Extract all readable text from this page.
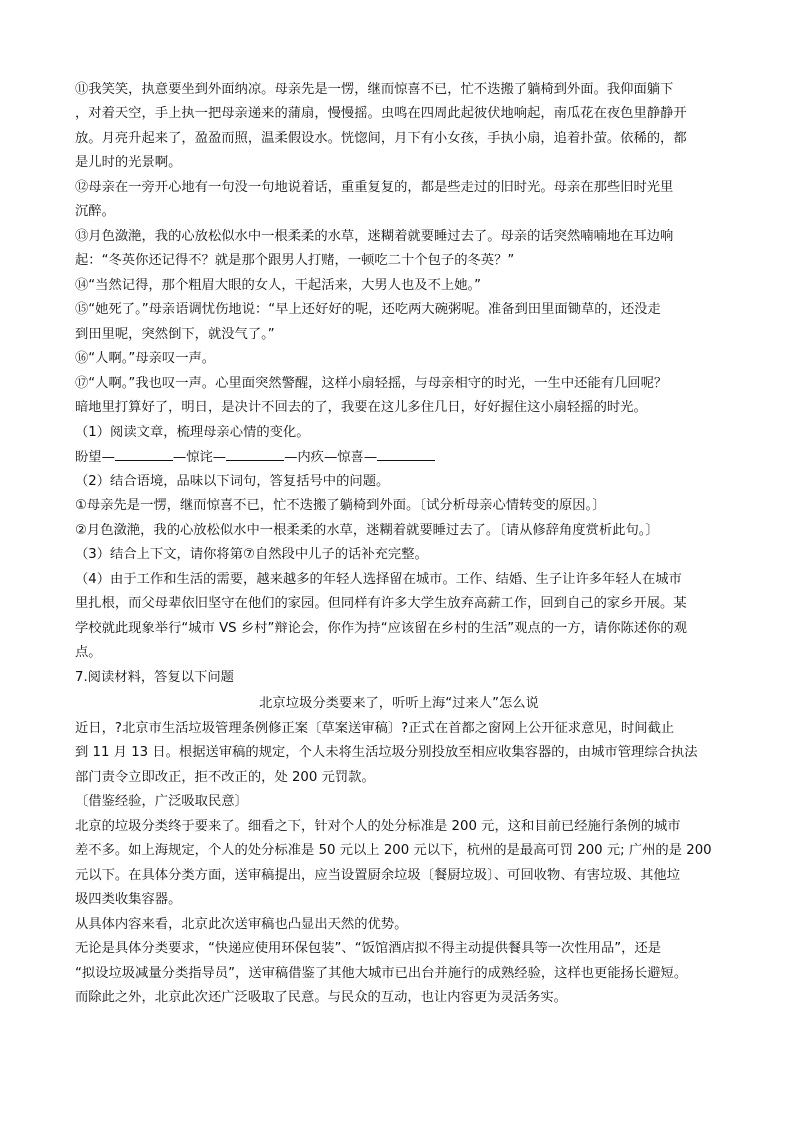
⑪我笑笑，执意要坐到外面纳凉。母亲先是一愣，继而惊喜不已，忙不迭搬了躺椅到外面。我仰面躺下
，对着天空，手上执一把母亲递来的蒲扇，慢慢摇。虫鸣在四周此起彼伏地响起，南瓜花在夜色里静静开
放。月亮升起来了，盈盈而照，温柔假设水。恍惚间，月下有小女孩，手执小扇，追着扑萤。依稀的，都
是儿时的光景啊。
⑫母亲在一旁开心地有一句没一句地说着话，重重复复的，都是些走过的旧时光。母亲在那些旧时光里
沉醉。
⑬月色潋滟，我的心放松似水中一根柔柔的水草，迷糊着就要睡过去了。母亲的话突然喃喃地在耳边响
起：“冬英你还记得不？就是那个跟男人打赌，一顿吃二十个包子的冬英？”
⑭“当然记得，那个粗眉大眼的女人，干起活来，大男人也及不上她。”
⑮“她死了。”母亲语调忧伤地说：“早上还好好的呢，还吃两大碗粥呢。准备到田里面锄草的，还没走
到田里呢，突然倒下，就没气了。”
⑯“人啊。”母亲叹一声。
⑰“人啊。”我也叹一声。心里面突然警醒，这样小扇轻摇，与母亲相守的时光，一生中还能有几回呢？
暗地里打算好了，明日，是决计不回去的了，我要在这儿多住几日，好好握住这小扇轻摇的时光。
（1）阅读文章，梳理母亲心情的变化。
盼望—	—惊诧—	—内疚—惊喜—
（2）结合语境，品味以下词句，答复括号中的问题。
①母亲先是一愣，继而惊喜不已，忙不迭搬了躺椅到外面。〔试分析母亲心情转变的原因。〕
②月色潋滟，我的心放松似水中一根柔柔的水草，迷糊着就要睡过去了。〔请从修辞角度赏析此句。〕
（3）结合上下文，请你将第⑦自然段中儿子的话补充完整。
（4）由于工作和生活的需要，越来越多的年轻人选择留在城市。工作、结婚、生子让许多年轻人在城市
里扎根，而父母辈依旧坚守在他们的家园。但同样有许多大学生放弃高薪工作，回到自己的家乡开展。某
学校就此现象举行“城市 VS 乡村”辩论会，你作为持“应该留在乡村的生活”观点的一方，请你陈述你的观
点。
7.阅读材料，答复以下问题
北京垃圾分类要来了，听听上海“过来人”怎么说
近日，?北京市生活垃圾管理条例修正案〔草案送审稿〕?正式在首都之窗网上公开征求意见，时间截止
到 11 月 13 日。根据送审稿的规定，个人未将生活垃圾分别投放至相应收集容器的，由城市管理综合执法
部门责令立即改正，拒不改正的，处 200 元罚款。
〔借鉴经验，广泛吸取民意〕
北京的垃圾分类终于要来了。细看之下，针对个人的处分标准是 200 元，这和目前已经施行条例的城市
差不多。如上海规定，个人的处分标准是 50 元以上 200 元以下，杭州的是最高可罚 200 元; 广州的是 200
元以下。在具体分类方面，送审稿提出，应当设置厨余垃圾〔餐厨垃圾〕、可回收物、有害垃圾、其他垃
圾四类收集容器。
从具体内容来看，北京此次送审稿也凸显出天然的优势。
无论是具体分类要求，“快递应使用环保包装”、“饭馆酒店拟不得主动提供餐具等一次性用品”，还是
“拟设垃圾减量分类指导员”，送审稿借鉴了其他大城市已出台并施行的成熟经验，这样也更能扬长避短。
而除此之外，北京此次还广泛吸取了民意。与民众的互动，也让内容更为灵活务实。
